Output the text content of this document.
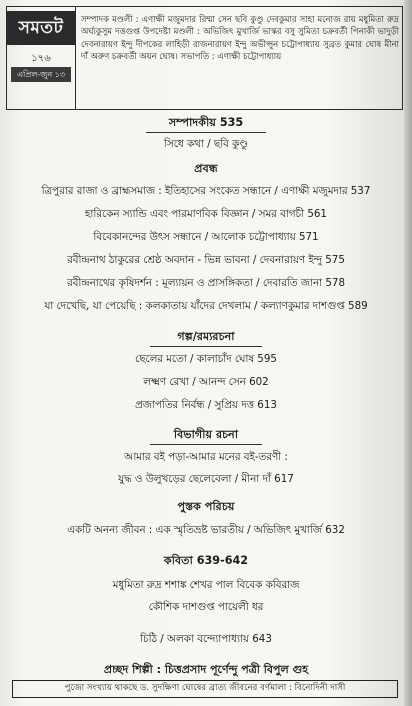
সমতট
১৭৬
এপ্রিল-জুন ১৩
সম্পাদক মণ্ডলী : এণাক্ষী মজুমদার রিম্মা সেন ছবি কুণ্ডু দেবকুমার সাহা মনোজ রায় মধুমিতা রুদ্র অর্ঘ্যকুসুম দত্তগুপ্ত উপদেষ্টা মণ্ডলী : অভিজিৎ মুখার্জি ভাস্কর বসু সুমিতা চক্রবর্তী পিনাকী ভাদুড়ী দেবনারায়ণ ইন্দু দীপকের লাহিড়ী রাজনারায়ণ ইন্দু অভীপ্সুন চট্টোপাধ্যায় সুব্রত কুমার ঘোষ মীনা দাঁ অরুণ চক্রবর্তী অয়ন ঘোষ। সভাপতি : এণাক্ষী চট্টোপাধ্যায়
সম্পাদকীয় 535
সিধে কথা / ছবি কুণ্ডু
প্রবন্ধ
ত্রিপুরার রাজা ও ব্রাহ্মসমাজ : ইতিহাসের সংকেত সন্ধানে / এণাক্ষী মজুমদার 537
হারিকেন স্যান্ডি এবং পারমাণবিক বিজ্ঞান / সমর বাগচী 561
বিবেকানন্দের উৎস সন্ধানে / আলোক চট্টোপাধ্যায় 571
রবীন্দ্রনাথ ঠাকুরের শ্রেষ্ঠ অবদান - ভিন্ন ভাবনা / দেবনারায়ণ ইন্দু 575
রবীন্দ্রনাথের কৃষিদর্শন : মূল্যায়ন ও প্রাসঙ্গিকতা / দেবারতি জানা 578
যা দেখেছি, যা পেয়েছি : কলকাতায় যাঁদের দেখলাম / কল্যাণকুমার দাশগুপ্ত 589
গল্প/রম্যরচনা
ছেলের মতো / কালাচাঁদ ঘোষ 595
লক্ষ্মণ রেখা / আনন্দ সেন 602
প্রজাপতির নির্বন্ধ / সুপ্রিয় দত্ত 613
বিভাগীয় রচনা
আমার বই পড়া-আমার মনের বই-তরণী :
যুদ্ধ ও উলুখড়ের ছেলেবেলা / মীনা দাঁ 617
পুস্তক পরিচয়
একটি অনন্য জীবন : এক স্মৃতিভ্রষ্ট ভারতীয় / অভিজিৎ মুখার্জি 632
কবিতা 639-642
মধুমিতা রুদ্র শশাঙ্ক শেখর পাল বিবেক কবিরাজ
কৌশিক দাশগুপ্ত পায়েলী ধর
চিঠি / অলকা বন্দ্যোপাধ্যায় 643
প্রচ্ছদ শিল্পী : চিত্তপ্রসাদ পূর্ণেন্দু পত্রী বিপুল গুহ
পুজো সংখ্যায় থাকছে ড. সুদক্ষিণা ঘোষের ব্রাত্য জীবনের বর্ণমালা : বিনোদিনী দাসী
